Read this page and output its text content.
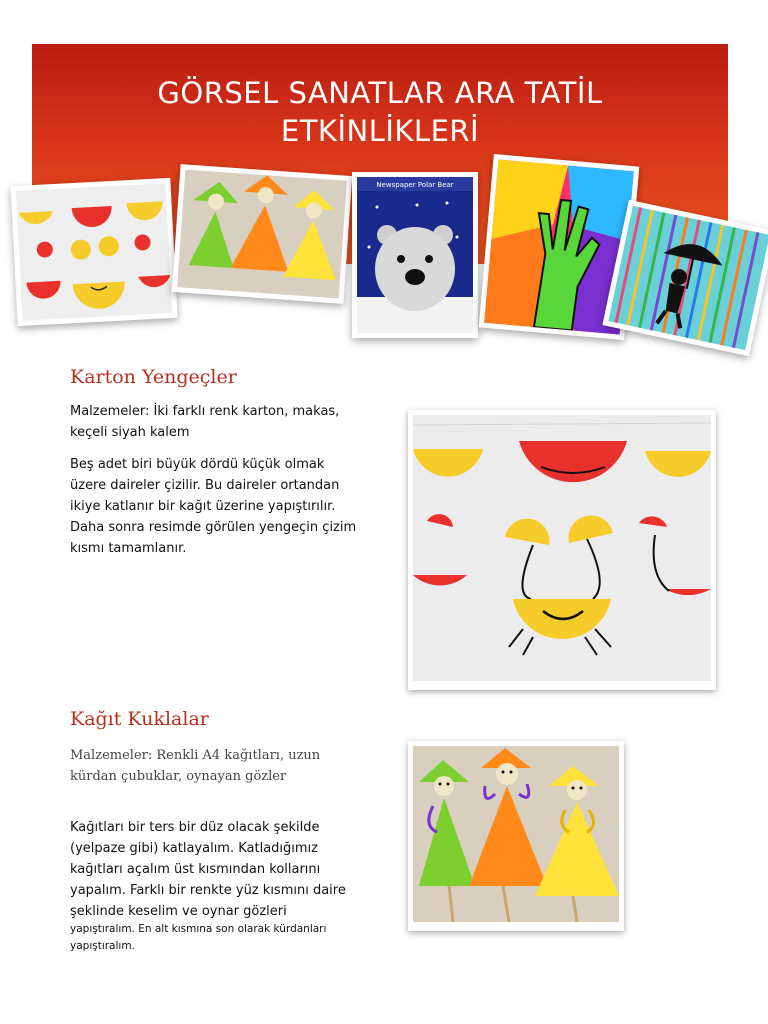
GÖRSEL SANATLAR ARA TATİL
ETKİNLİKLERİ
Newspaper Polar Bear
Karton Yengeçler
Malzemeler: İki farklı renk karton, makas, keçeli siyah kalem
Beş adet biri büyük dördü küçük olmak üzere daireler çizilir. Bu daireler ortandan ikiye katlanır bir kağıt üzerine yapıştırılır. Daha sonra resimde görülen yengeçin çizim kısmı tamamlanır.
Kağıt Kuklalar
Malzemeler: Renkli A4 kağıtları, uzun kürdan çubuklar, oynayan gözler
Kağıtları bir ters bir düz olacak şekilde (yelpaze gibi) katlayalım. Katladığımız kağıtları açalım üst kısmından kollarını yapalım. Farklı bir renkte yüz kısmını daire şeklinde keselim ve oynar gözleri
yapıştıralım. En alt kısmına son olarak kürdanları yapıştıralım.
